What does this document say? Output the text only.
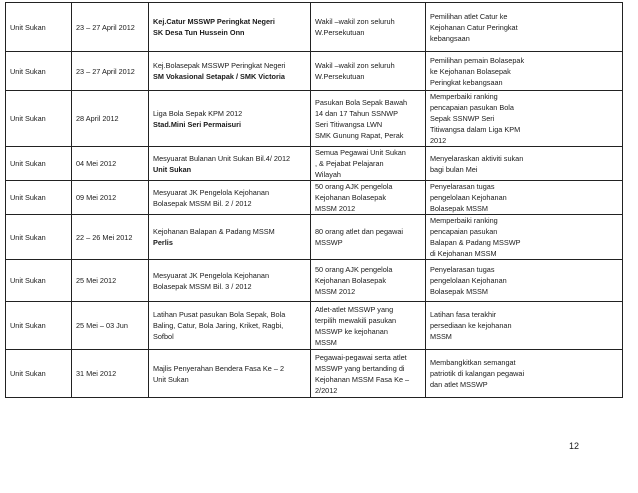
Unit Sukan	23 – 27 April 2012	Kej.Catur MSSWP Peringkat Negeri
SK Desa Tun Hussein Onn	Wakil –wakil zon seluruh
W.Persekutuan	Pemilihan atlet Catur ke
Kejohanan Catur Peringkat
kebangsaan

Unit Sukan	23 – 27 April 2012	Kej.Bolasepak MSSWP Peringkat Negeri
SM Vokasional Setapak / SMK Victoria	Wakil –wakil zon seluruh
W.Persekutuan	Pemilihan pemain Bolasepak
ke Kejohanan Bolasepak
Peringkat kebangsaan

Unit Sukan	28 April 2012	Liga Bola Sepak KPM 2012
Stad.Mini Seri Permaisuri	Pasukan Bola Sepak Bawah
14 dan 17 Tahun SSNWP
Seri Titiwangsa LWN
SMK Gunung Rapat, Perak	Memperbaiki ranking
pencapaian pasukan Bola
Sepak SSNWP Seri
Titiwangsa dalam Liga KPM
2012

Unit Sukan	04 Mei 2012	Mesyuarat Bulanan Unit Sukan Bil.4/ 2012
Unit Sukan	Semua Pegawai Unit Sukan
, & Pejabat Pelajaran
Wilayah	Menyelaraskan aktiviti sukan
bagi bulan Mei

Unit Sukan	09 Mei 2012	Mesyuarat JK Pengelola Kejohanan
Bolasepak MSSM Bil. 2 / 2012	50 orang AJK pengelola
Kejohanan Bolasepak
MSSM 2012	Penyelarasan tugas
pengelolaan Kejohanan
Bolasepak MSSM

Unit Sukan	22 – 26 Mei 2012	Kejohanan Balapan & Padang MSSM
Perlis	80 orang atlet dan pegawai
MSSWP	Memperbaiki ranking
pencapaian pasukan
Balapan & Padang MSSWP
di Kejohanan MSSM

Unit Sukan	25 Mei 2012	Mesyuarat JK Pengelola Kejohanan
Bolasepak MSSM Bil. 3 / 2012	50 orang AJK pengelola
Kejohanan Bolasepak
MSSM 2012	Penyelarasan tugas
pengelolaan Kejohanan
Bolasepak MSSM

Unit Sukan	25 Mei – 03 Jun	Latihan Pusat pasukan Bola Sepak, Bola
Baling, Catur, Bola Jaring, Kriket, Ragbi,
Sofbol	Atlet-atlet MSSWP yang
terpilih mewakili pasukan
MSSWP ke kejohanan
MSSM	Latihan fasa terakhir
persediaan ke kejohanan
MSSM

Unit Sukan	31 Mei 2012	Majlis Penyerahan Bendera Fasa Ke – 2
Unit Sukan	Pegawai-pegawai serta atlet
MSSWP yang bertanding di
Kejohanan MSSM Fasa Ke –
2/2012	Membangkitkan semangat
patriotik di kalangan pegawai
dan atlet MSSWP
12
